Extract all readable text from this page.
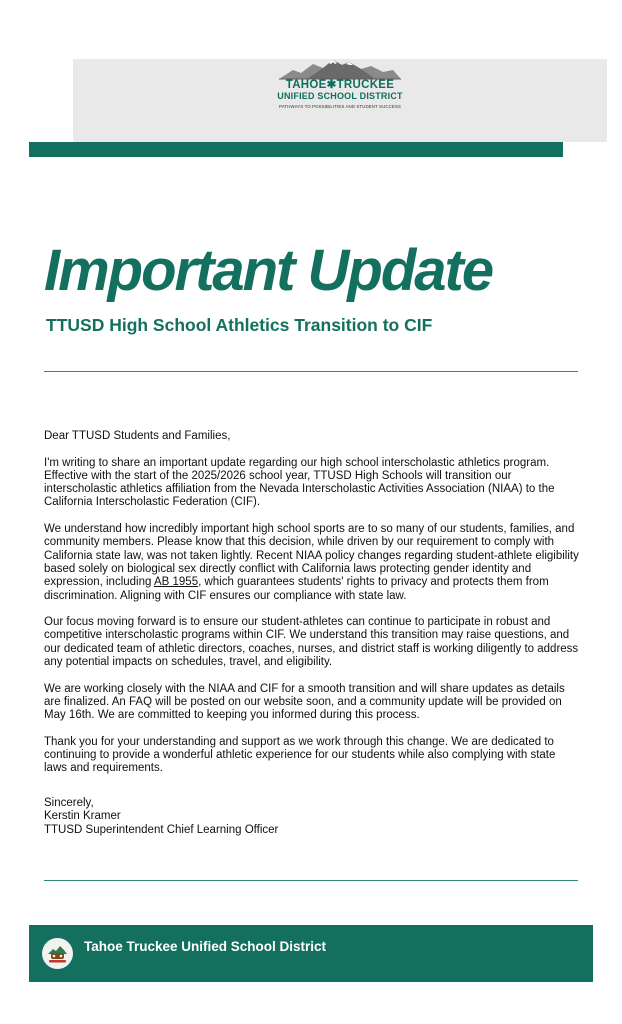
TAHOE✱TRUCKEE
UNIFIED SCHOOL DISTRICT
PATHWAYS TO POSSIBILITIES AND STUDENT SUCCESS
Important Update
TTUSD High School Athletics Transition to CIF

Dear TTUSD Students and Families,

I'm writing to share an important update regarding our high school interscholastic athletics program. Effective with the start of the 2025/2026 school year, TTUSD High Schools will transition our interscholastic athletics affiliation from the Nevada Interscholastic Activities Association (NIAA) to the California Interscholastic Federation (CIF).

We understand how incredibly important high school sports are to so many of our students, families, and community members. Please know that this decision, while driven by our requirement to comply with California state law, was not taken lightly. Recent NIAA policy changes regarding student-athlete eligibility based solely on biological sex directly conflict with California laws protecting gender identity and expression, including AB 1955, which guarantees students' rights to privacy and protects them from discrimination. Aligning with CIF ensures our compliance with state law.

Our focus moving forward is to ensure our student-athletes can continue to participate in robust and competitive interscholastic programs within CIF. We understand this transition may raise questions, and our dedicated team of athletic directors, coaches, nurses, and district staff is working diligently to address any potential impacts on schedules, travel, and eligibility.

We are working closely with the NIAA and CIF for a smooth transition and will share updates as details are finalized. An FAQ will be posted on our website soon, and a community update will be provided on May 16th. We are committed to keeping you informed during this process.

Thank you for your understanding and support as we work through this change. We are dedicated to continuing to provide a wonderful athletic experience for our students while also complying with state laws and requirements.

Sincerely,
Kerstin Kramer
TTUSD Superintendent Chief Learning Officer
Tahoe Truckee Unified School District
